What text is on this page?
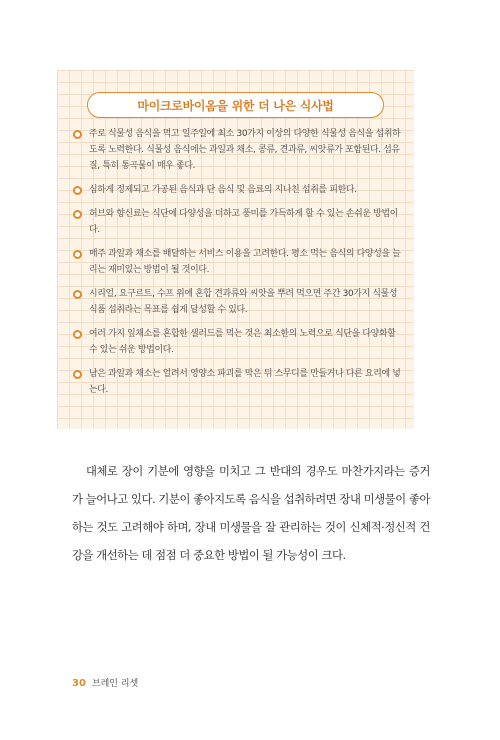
마이크로바이옴을 위한 더 나은 식사법
주로 식물성 음식을 먹고 일주일에 최소 30가지 이상의 다양한 식물성 음식을 섭취하도록 노력한다. 식물성 음식에는 과일과 채소, 콩류, 견과류, 씨앗류가 포함된다. 섬유질, 특히 통곡물이 매우 좋다.
심하게 정제되고 가공된 음식과 단 음식 및 음료의 지나친 섭취를 피한다.
허브와 향신료는 식단에 다양성을 더하고 풍미를 가득하게 할 수 있는 손쉬운 방법이다.
매주 과일과 채소를 배달하는 서비스 이용을 고려한다. 평소 먹는 음식의 다양성을 늘리는 재미있는 방법이 될 것이다.
시리얼, 요구르트, 수프 위에 혼합 견과류와 씨앗을 뿌려 먹으면 주간 30가지 식물성 식품 섭취라는 목표를 쉽게 달성할 수 있다.
여러 가지 잎채소를 혼합한 샐러드를 먹는 것은 최소한의 노력으로 식단을 다양화할 수 있는 쉬운 방법이다.
남은 과일과 채소는 얼려서 영양소 파괴를 막은 뒤 스무디를 만들거나 다른 요리에 넣는다.

대체로 장이 기분에 영향을 미치고 그 반대의 경우도 마찬가지라는 증거가 늘어나고 있다. 기분이 좋아지도록 음식을 섭취하려면 장내 미생물이 좋아하는 것도 고려해야 하며, 장내 미생물을 잘 관리하는 것이 신체적·정신적 건강을 개선하는 데 점점 더 중요한 방법이 될 가능성이 크다.

30 브레인 리셋
